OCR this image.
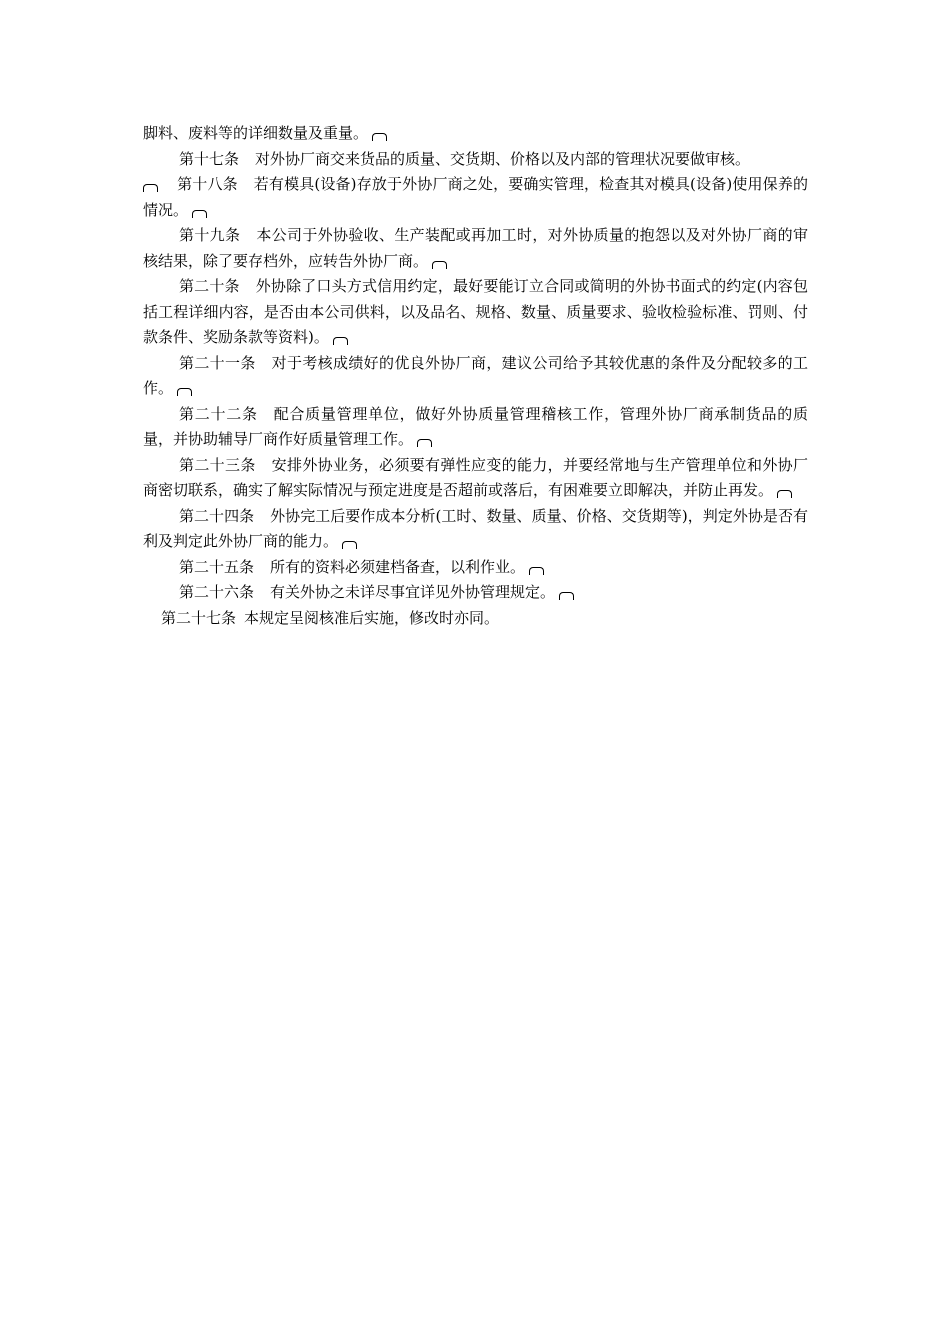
脚料、废料等的详细数量及重量。

第十七条 对外协厂商交来货品的质量、交货期、价格以及内部的管理状况要做审核。

第十八条 若有模具(设备)存放于外协厂商之处，要确实管理，检查其对模具(设备)使用保养的情况。

第十九条 本公司于外协验收、生产装配或再加工时，对外协质量的抱怨以及对外协厂商的审核结果，除了要存档外，应转告外协厂商。

第二十条 外协除了口头方式信用约定，最好要能订立合同或简明的外协书面式的约定(内容包括工程详细内容，是否由本公司供料，以及品名、规格、数量、质量要求、验收检验标准、罚则、付款条件、奖励条款等资料)。

第二十一条 对于考核成绩好的优良外协厂商，建议公司给予其较优惠的条件及分配较多的工作。

第二十二条 配合质量管理单位，做好外协质量管理稽核工作，管理外协厂商承制货品的质量，并协助辅导厂商作好质量管理工作。

第二十三条 安排外协业务，必须要有弹性应变的能力，并要经常地与生产管理单位和外协厂商密切联系，确实了解实际情况与预定进度是否超前或落后，有困难要立即解决，并防止再发。

第二十四条 外协完工后要作成本分析(工时、数量、质量、价格、交货期等)，判定外协是否有利及判定此外协厂商的能力。

第二十五条 所有的资料必须建档备查，以利作业。

第二十六条 有关外协之未详尽事宜详见外协管理规定。

第二十七条 本规定呈阅核准后实施，修改时亦同。
